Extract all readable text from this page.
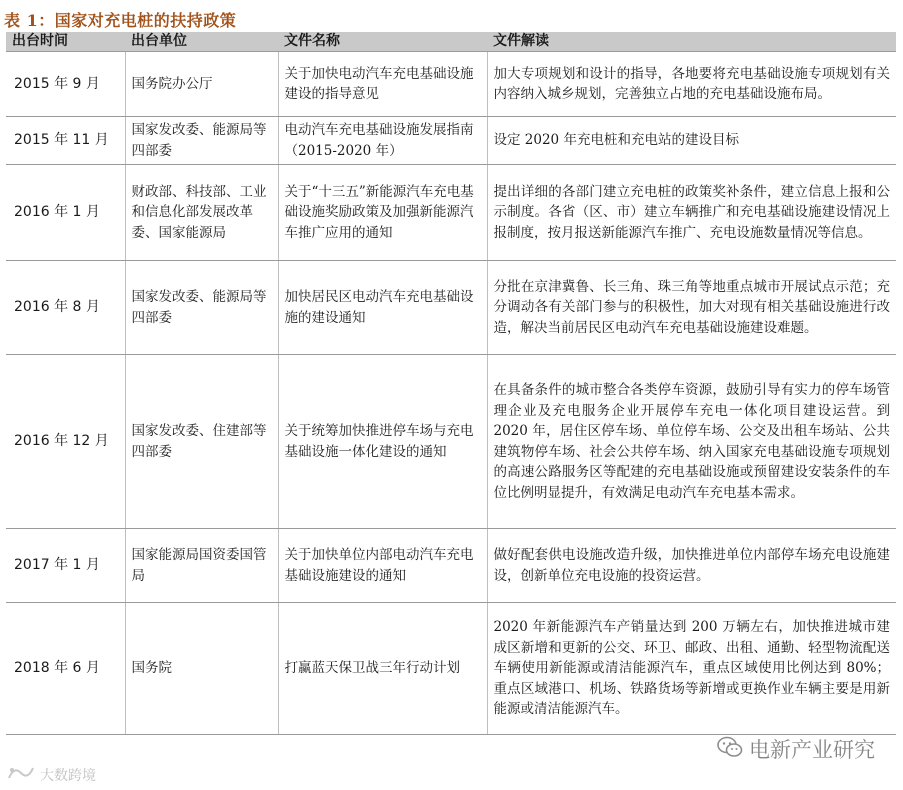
表 1：国家对充电桩的扶持政策
出台时间	出台单位	文件名称	文件解读
2015 年 9 月	国务院办公厅	关于加快电动汽车充电基础设施建设的指导意见	加大专项规划和设计的指导，各地要将充电基础设施专项规划有关内容纳入城乡规划，完善独立占地的充电基础设施布局。
2015 年 11 月	国家发改委、能源局等四部委	电动汽车充电基础设施发展指南（2015-2020 年）	设定 2020 年充电桩和充电站的建设目标
2016 年 1 月	财政部、科技部、工业和信息化部发展改革委、国家能源局	关于“十三五”新能源汽车充电基础设施奖励政策及加强新能源汽车推广应用的通知	提出详细的各部门建立充电桩的政策奖补条件，建立信息上报和公示制度。各省（区、市）建立车辆推广和充电基础设施建设情况上报制度，按月报送新能源汽车推广、充电设施数量情况等信息。
2016 年 8 月	国家发改委、能源局等四部委	加快居民区电动汽车充电基础设施的建设通知	分批在京津冀鲁、长三角、珠三角等地重点城市开展试点示范；充分调动各有关部门参与的积极性，加大对现有相关基础设施进行改造，解决当前居民区电动汽车充电基础设施建设难题。
2016 年 12 月	国家发改委、住建部等四部委	关于统筹加快推进停车场与充电基础设施一体化建设的通知	在具备条件的城市整合各类停车资源，鼓励引导有实力的停车场管理企业及充电服务企业开展停车充电一体化项目建设运营。到 2020 年，居住区停车场、单位停车场、公交及出租车场站、公共建筑物停车场、社会公共停车场、纳入国家充电基础设施专项规划的高速公路服务区等配建的充电基础设施或预留建设安装条件的车位比例明显提升，有效满足电动汽车充电基本需求。
2017 年 1 月	国家能源局国资委国管局	关于加快单位内部电动汽车充电基础设施建设的通知	做好配套供电设施改造升级，加快推进单位内部停车场充电设施建设，创新单位充电设施的投资运营。
2018 年 6 月	国务院	打赢蓝天保卫战三年行动计划	2020 年新能源汽车产销量达到 200 万辆左右，加快推进城市建成区新增和更新的公交、环卫、邮政、出租、通勤、轻型物流配送车辆使用新能源或清洁能源汽车，重点区域使用比例达到 80%；重点区域港口、机场、铁路货场等新增或更换作业车辆主要是用新能源或清洁能源汽车。
电新产业研究
大数跨境
